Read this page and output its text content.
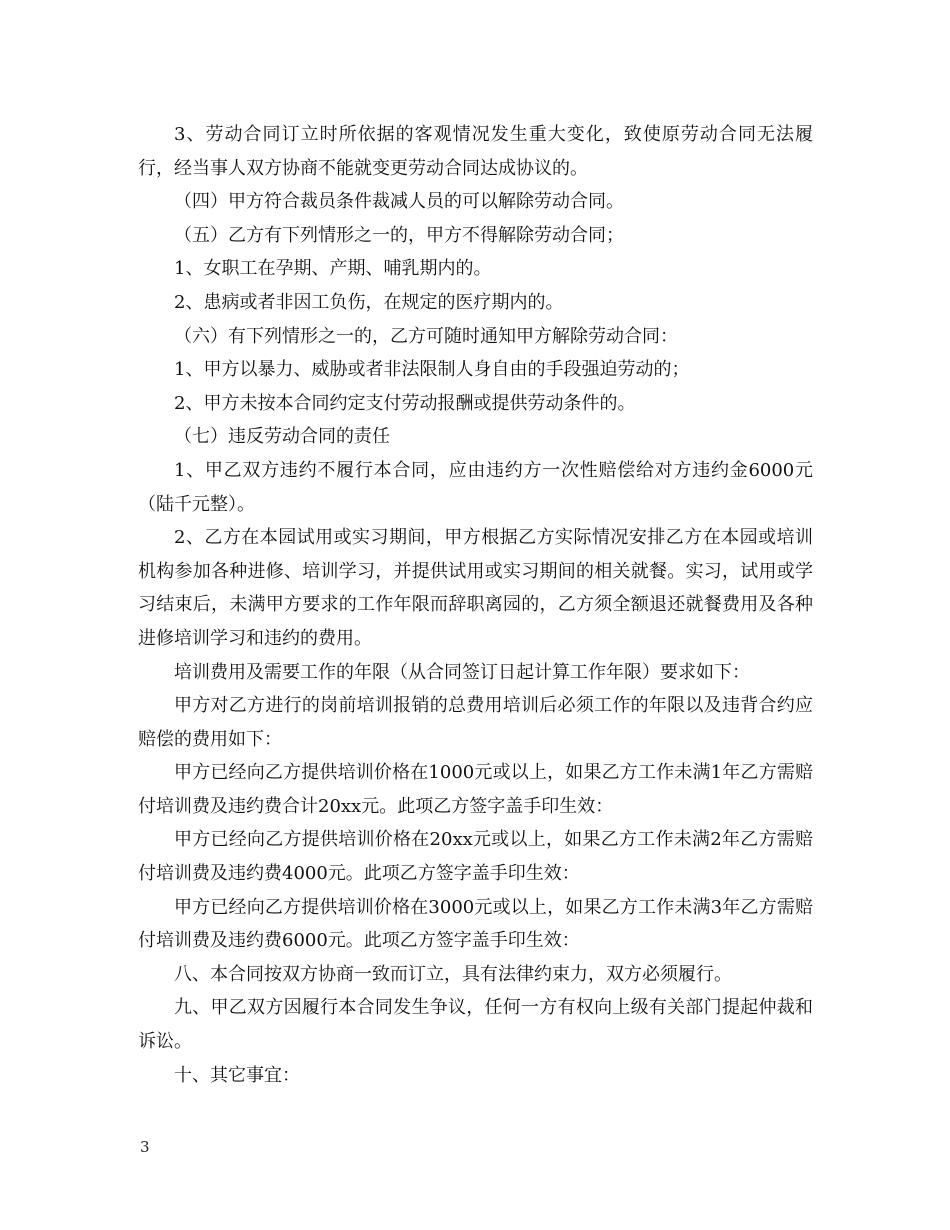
3、劳动合同订立时所依据的客观情况发生重大变化，致使原劳动合同无法履行，经当事人双方协商不能就变更劳动合同达成协议的。

（四）甲方符合裁员条件裁减人员的可以解除劳动合同。

（五）乙方有下列情形之一的，甲方不得解除劳动合同；

1、女职工在孕期、产期、哺乳期内的。

2、患病或者非因工负伤，在规定的医疗期内的。

（六）有下列情形之一的，乙方可随时通知甲方解除劳动合同：

1、甲方以暴力、威胁或者非法限制人身自由的手段强迫劳动的；

2、甲方未按本合同约定支付劳动报酬或提供劳动条件的。

（七）违反劳动合同的责任

1、甲乙双方违约不履行本合同，应由违约方一次性赔偿给对方违约金6000元（陆千元整）。

2、乙方在本园试用或实习期间，甲方根据乙方实际情况安排乙方在本园或培训机构参加各种进修、培训学习，并提供试用或实习期间的相关就餐。实习，试用或学习结束后，未满甲方要求的工作年限而辞职离园的，乙方须全额退还就餐费用及各种进修培训学习和违约的费用。

培训费用及需要工作的年限（从合同签订日起计算工作年限）要求如下：

甲方对乙方进行的岗前培训报销的总费用培训后必须工作的年限以及违背合约应赔偿的费用如下：

甲方已经向乙方提供培训价格在1000元或以上，如果乙方工作未满1年乙方需赔付培训费及违约费合计20xx元。此项乙方签字盖手印生效：

甲方已经向乙方提供培训价格在20xx元或以上，如果乙方工作未满2年乙方需赔付培训费及违约费4000元。此项乙方签字盖手印生效：

甲方已经向乙方提供培训价格在3000元或以上，如果乙方工作未满3年乙方需赔付培训费及违约费6000元。此项乙方签字盖手印生效：

八、本合同按双方协商一致而订立，具有法律约束力，双方必须履行。

九、甲乙双方因履行本合同发生争议，任何一方有权向上级有关部门提起仲裁和诉讼。

十、其它事宜：

3
